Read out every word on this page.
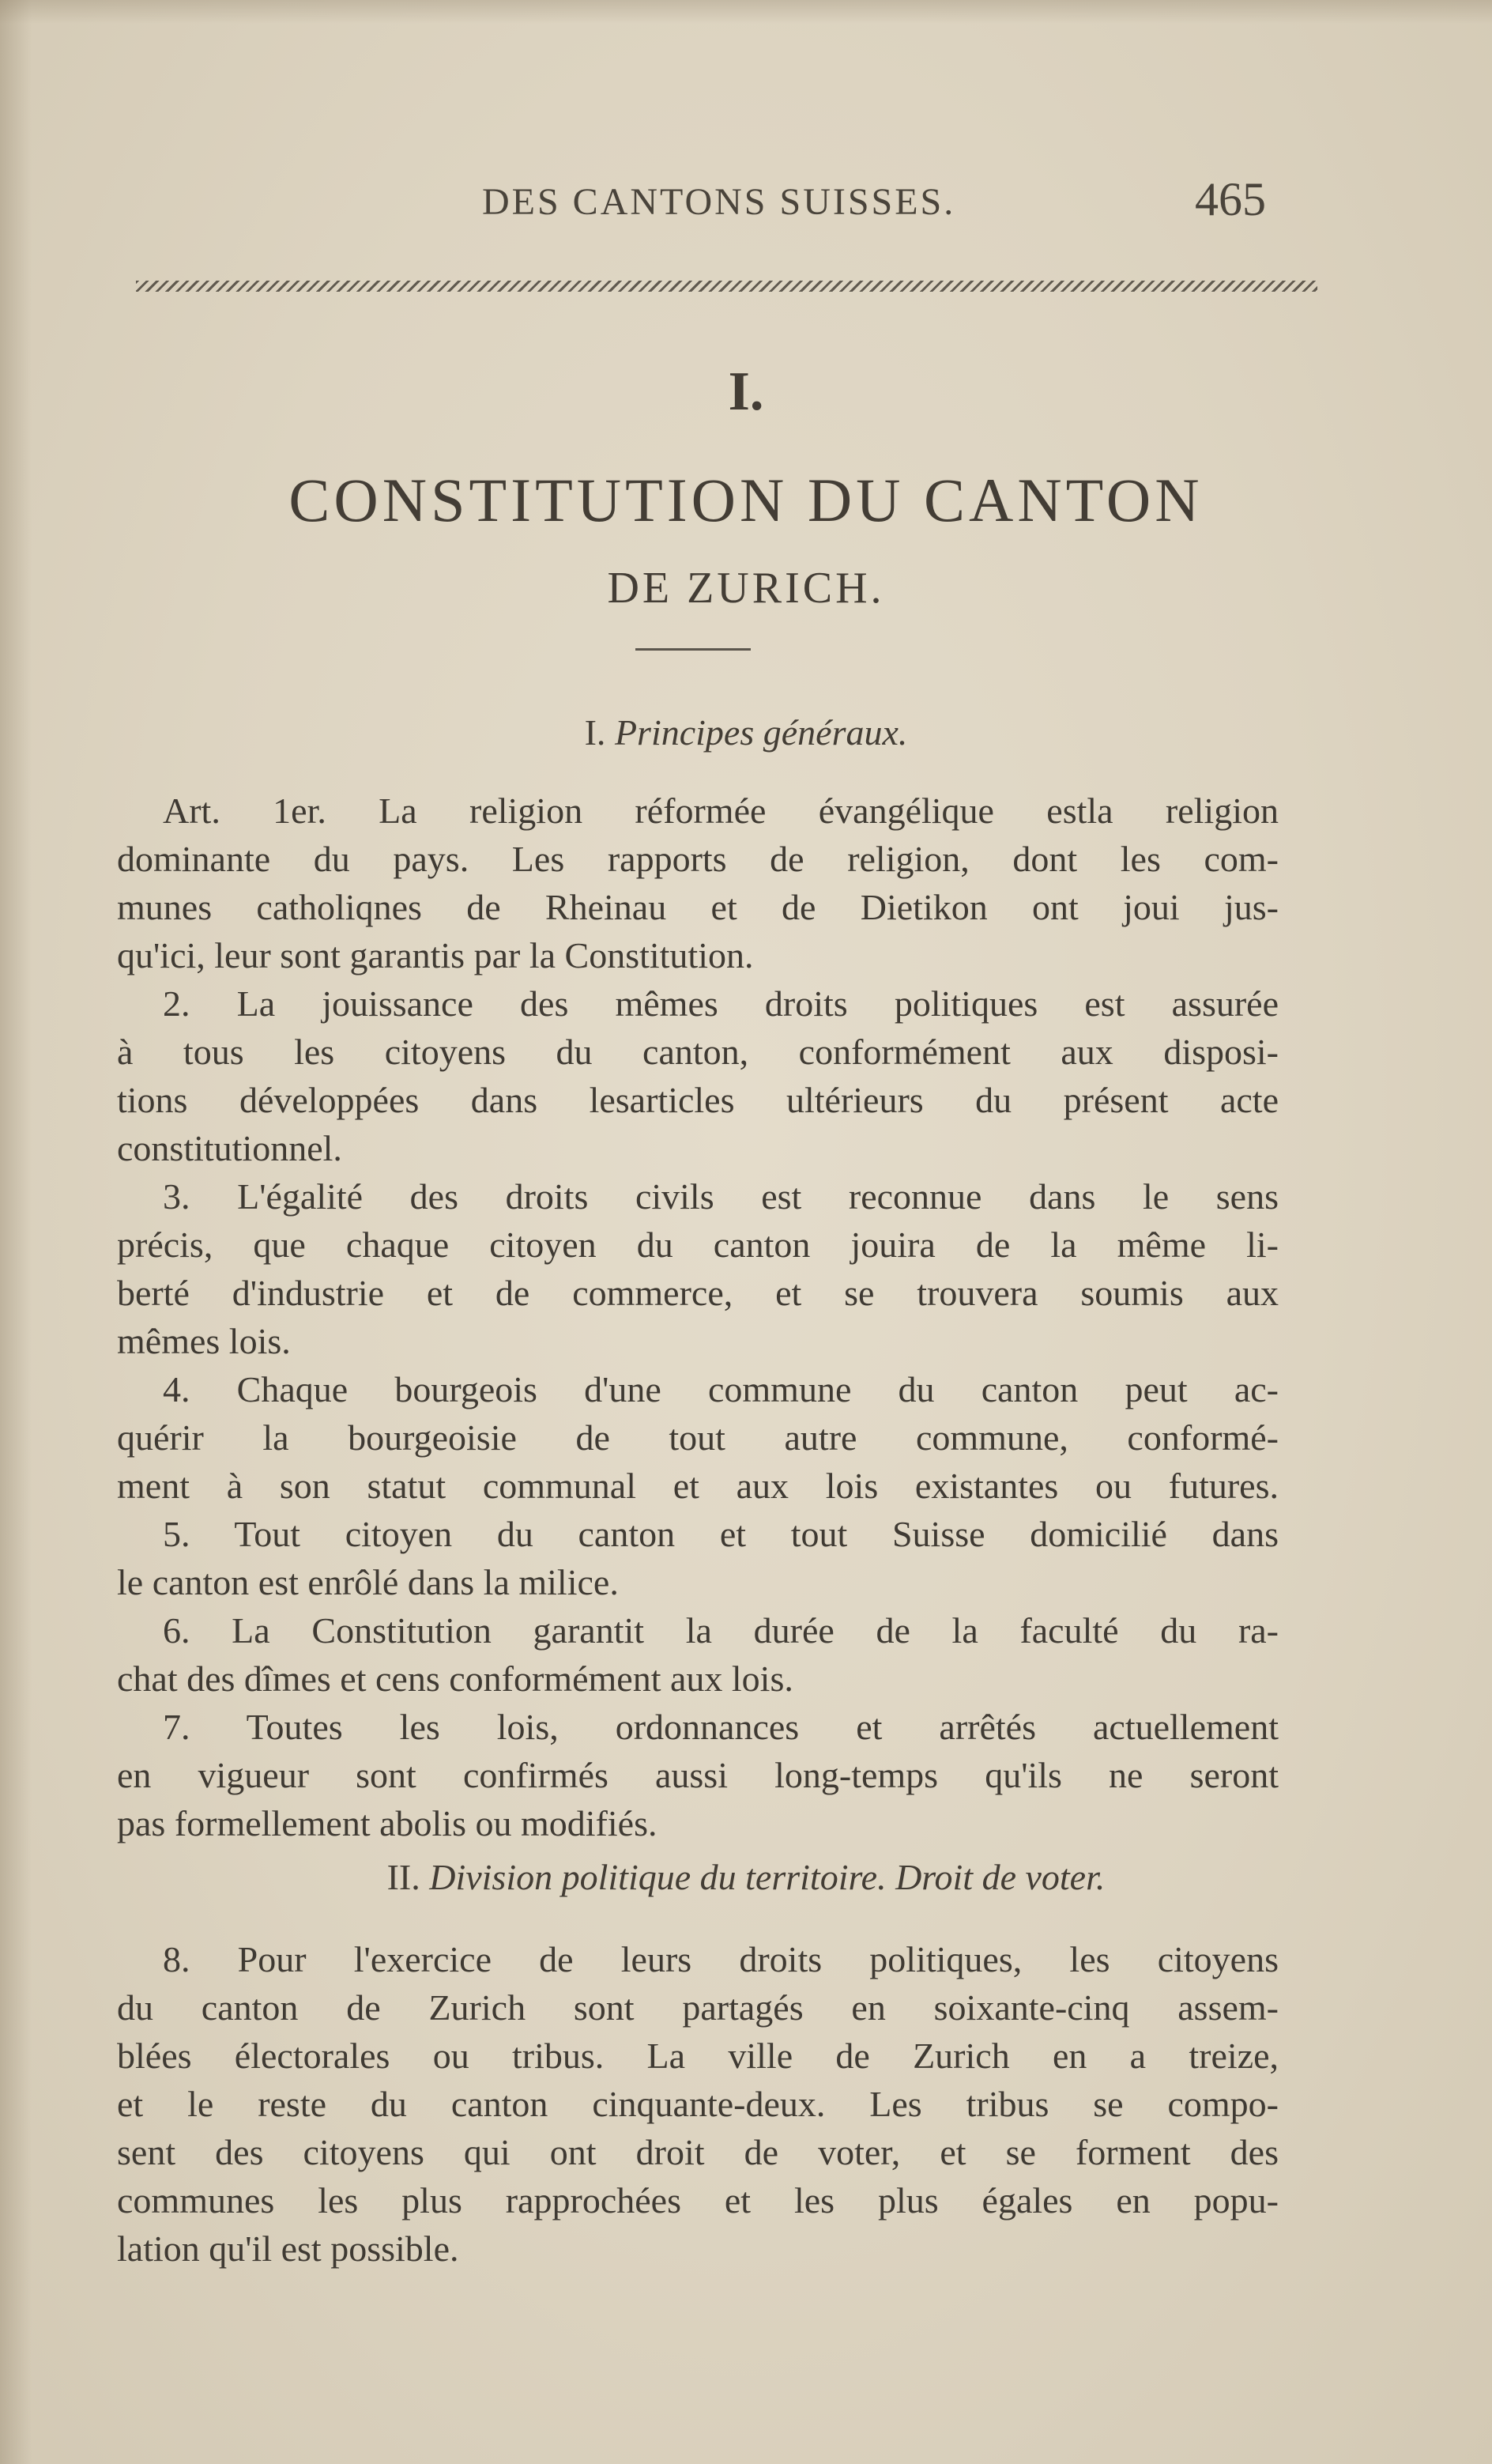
DES CANTONS SUISSES.	465
I.
CONSTITUTION DU CANTON
DE ZURICH.
I. Principes généraux.
Art. 1er. La religion réformée évangélique estla religion
dominante du pays. Les rapports de religion, dont les com-
munes catholiqnes de Rheinau et de Dietikon ont joui jus-
qu'ici, leur sont garantis par la Constitution.
2. La jouissance des mêmes droits politiques est assurée
à tous les citoyens du canton, conformément aux disposi-
tions développées dans lesarticles ultérieurs du présent acte
constitutionnel.
3. L'égalité des droits civils est reconnue dans le sens
précis, que chaque citoyen du canton jouira de la même li-
berté d'industrie et de commerce, et se trouvera soumis aux
mêmes lois.
4. Chaque bourgeois d'une commune du canton peut ac-
quérir la bourgeoisie de tout autre commune, conformé-
ment à son statut communal et aux lois existantes ou futures.
5. Tout citoyen du canton et tout Suisse domicilié dans
le canton est enrôlé dans la milice.
6. La Constitution garantit la durée de la faculté du ra-
chat des dîmes et cens conformément aux lois.
7. Toutes les lois, ordonnances et arrêtés actuellement
en vigueur sont confirmés aussi long-temps qu'ils ne seront
pas formellement abolis ou modifiés.
II. Division politique du territoire. Droit de voter.
8. Pour l'exercice de leurs droits politiques, les citoyens
du canton de Zurich sont partagés en soixante-cinq assem-
blées électorales ou tribus. La ville de Zurich en a treize,
et le reste du canton cinquante-deux. Les tribus se compo-
sent des citoyens qui ont droit de voter, et se forment des
communes les plus rapprochées et les plus égales en popu-
lation qu'il est possible.
